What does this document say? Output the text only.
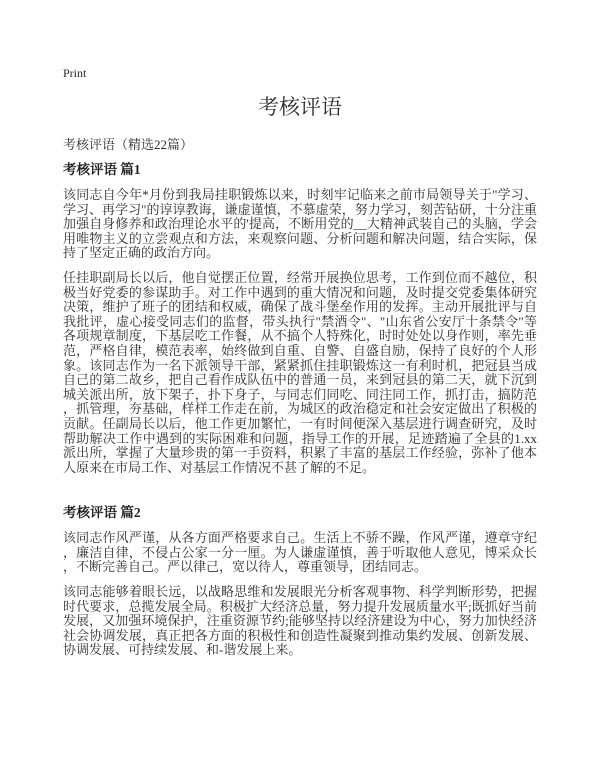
Print
考核评语
考核评语（精选22篇）
考核评语 篇1

该同志自今年*月份到我局挂职锻炼以来，时刻牢记临来之前市局领导关于"学习、学习、再学习"的谆谆教诲，谦虚谨慎，不慕虚荣，努力学习，刻苦钻研，十分注重加强自身修养和政治理论水平的'提高，不断用党的__大精神武装自己的头脑，学会用唯物主义的立尝观点和方法，来观察问题、分析问题和解决问题，结合实际，保持了坚定正确的政治方向。

任挂职副局长以后，他自觉摆正位置，经常开展换位思考，工作到位而不越位，积极当好党委的参谋助手。对工作中遇到的重大情况和问题，及时提交党委集体研究决策，维护了班子的团结和权威，确保了战斗堡垒作用的发挥。主动开展批评与自我批评，虚心接受同志们的监督，带头执行"禁酒令"、"山东省公安厅十条禁令"等各项规章制度，下基层吃工作餐，从不搞个人特殊化，时时处处以身作则，率先垂范，严格自律，模范表率，始终做到自重、自警、自盛自励，保持了良好的个人形象。该同志作为一名下派领导干部，紧紧抓住挂职锻炼这一有利时机，把冠县当成自己的第二故乡，把自己看作成队伍中的普通一员，来到冠县的第二天，就下沉到城关派出所，放下架子，扑下身子，与同志们同吃、同注同工作，抓打击，搞防范，抓管理，夯基础，样样工作走在前，为城区的政治稳定和社会安定做出了积极的贡献。任副局长以后，他工作更加繁忙，一有时间便深入基层进行调查研究，及时帮助解决工作中遇到的实际困难和问题，指导工作的开展，足迹踏遍了全县的1.xx派出所，掌握了大量珍贵的第一手资料，积累了丰富的基层工作经验，弥补了他本人原来在市局工作、对基层工作情况不甚了解的不足。

考核评语 篇2

该同志作风严谨，从各方面严格要求自己。生活上不骄不躁，作风严谨，遵章守纪，廉洁自律，不侵占公家一分一厘。为人谦虚谨慎，善于听取他人意见，博采众长，不断完善自己。严以律己，宽以待人，尊重领导，团结同志。

该同志能够着眼长远，以战略思维和发展眼光分析客观事物、科学判断形势，把握时代要求，总揽发展全局。积极扩大经济总量，努力提升发展质量水平;既抓好当前发展，又加强环境保护，注重资源节约;能够坚持以经济建设为中心，努力加快经济社会协调发展，真正把各方面的积极性和创造性凝聚到推动集约发展、创新发展、协调发展、可持续发展、和-谐发展上来。
